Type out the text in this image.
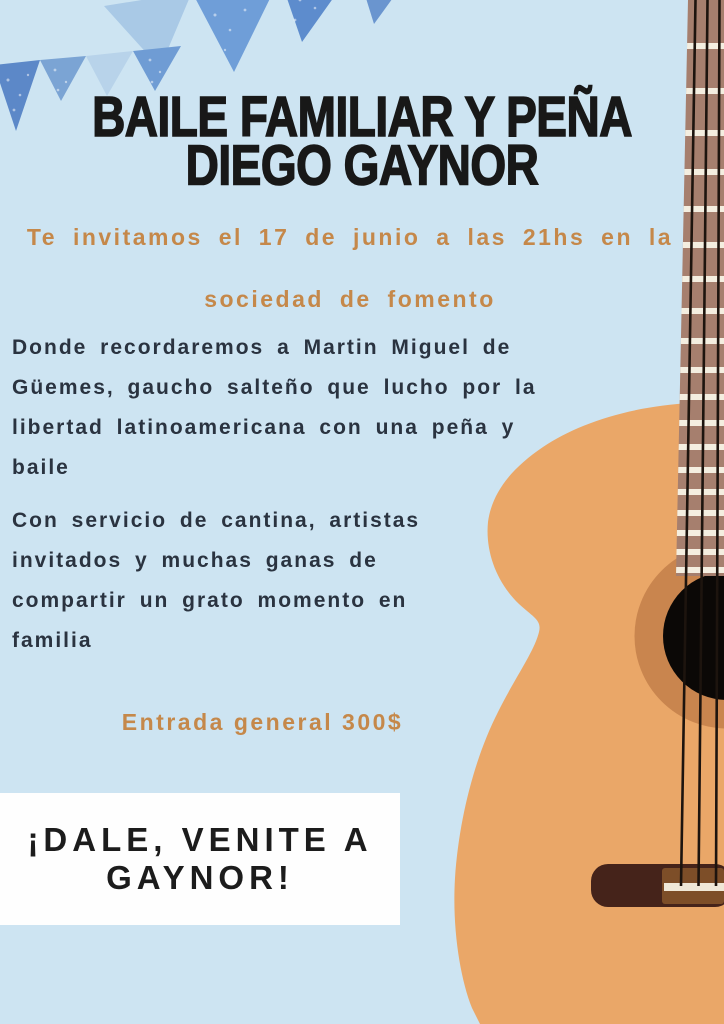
BAILE FAMILIAR Y PEÑA
DIEGO GAYNOR
Te invitamos el 17 de junio a las 21hs en la
sociedad de fomento
Donde recordaremos a Martin Miguel de
Güemes, gaucho salteño que lucho por la
libertad latinoamericana con una peña y
baile
Con servicio de cantina, artistas
invitados y muchas ganas de
compartir un grato momento en
familia
Entrada general 300$
¡DALE, VENITE A
GAYNOR!
